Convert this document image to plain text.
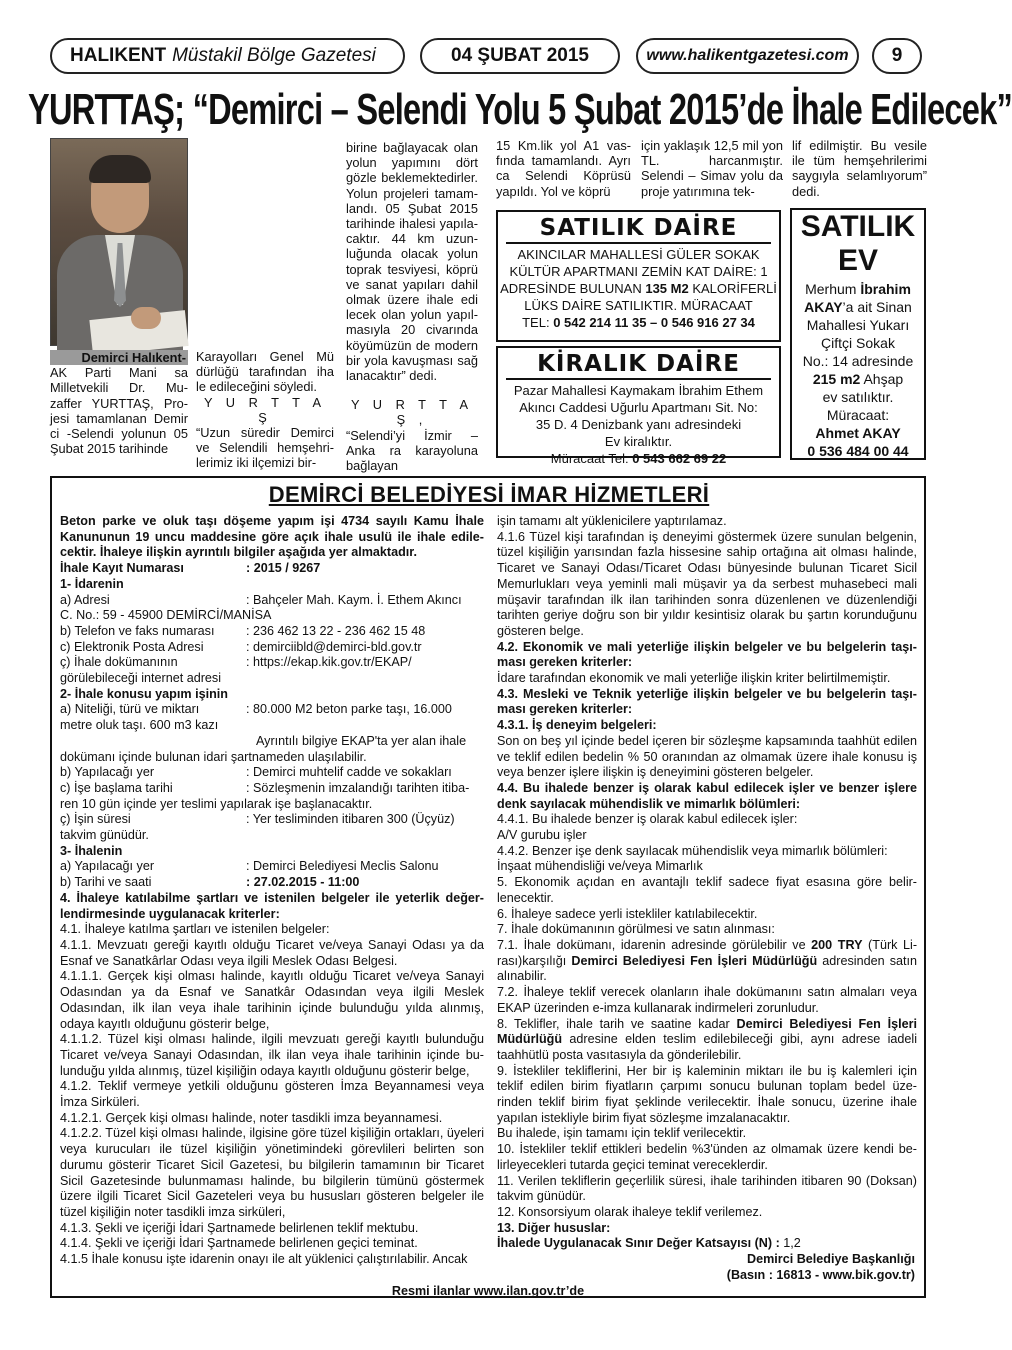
HALIKENT Müstakil Bölge Gazetesi	04 ŞUBAT 2015	www.halikentgazetesi.com	9
YURTTAŞ; “Demirci – Selendi Yolu 5 Şubat 2015’de İhale Edilecek”
Demirci Halıkent-
AK Parti Mani sa Milletvekili Dr. Mu- zaffer YURTTAŞ, Pro- jesi tamamlanan Demir ci -Selendi yolunun 05 Şubat 2015 tarihinde

Karayolları Genel Mü dürlüğü tarafından iha le edileceğini söyledi.

Y U R T T A Ş

“Uzun süredir Demirci ve Selendili hemşehri- lerimiz iki ilçemizi bir-

birine bağlayacak olan yolun yapımını dört gözle beklemektedirler. Yolun projeleri tamam- landı. 05 Şubat 2015 tarihinde ihalesi yapıla- caktır. 44 km uzun- luğunda olacak yolun toprak tesviyesi, köprü ve sanat yapıları dahil olmak üzere ihale edi lecek olan yolun yapıl- masıyla 20 civarında köyümüzün de modern bir yola kavuşması sağ lanacaktır” dedi.

Y U R T T A Ş ,

“Selendi’yi İzmir – Anka ra karayoluna bağlayan

15 Km.lik yol A1 vas- fında tamamlandı. Ayrı ca Selendi Köprüsü yapıldı. Yol ve köprü
için yaklaşık 12,5 mil yon TL. harcanmıştır. Selendi – Simav yolu da proje yatırımına tek-
lif edilmiştir. Bu vesile ile tüm hemşehrilerimi saygıyla selamlıyorum” dedi.
SATILIK DAİRE
AKINCILAR MAHALLESİ GÜLER SOKAK
KÜLTÜR APARTMANI ZEMİN KAT DAİRE: 1
ADRESİNDE BULUNAN 135 M2 KALORİFERLİ
LÜKS DAİRE SATILIKTIR. MÜRACAAT
TEL: 0 542 214 11 35 – 0 546 916 27 34
KİRALIK DAİRE
Pazar Mahallesi Kaymakam İbrahim Ethem
Akıncı Caddesi Uğurlu Apartmanı Sit. No:
35 D. 4 Denizbank yanı adresindeki
Ev kiralıktır.
Müracaat Tel: 0 543 662 69 22
SATILIK
EV
Merhum İbrahim
AKAY’a ait Sinan
Mahallesi Yukarı
Çiftçi Sokak
No.: 14 adresinde
215 m2 Ahşap
ev satılıktır.
Müracaat:
Ahmet AKAY
0 536 484 00 44
DEMİRCİ BELEDİYESİ İMAR HİZMETLERİ

Beton parke ve oluk taşı döşeme yapım işi 4734 sayılı Kamu İhale Kanununun 19 uncu maddesine göre açık ihale usulü ile ihale edile- cektir. İhaleye ilişkin ayrıntılı bilgiler aşağıda yer almaktadır.

İhale Kayıt Numarası	: 2015 / 9267

1- İdarenin

a) Adresi	: Bahçeler Mah. Kaym. İ. Ethem Akıncı

C. No.: 59 - 45900 DEMİRCİ/MANİSA

b) Telefon ve faks numarası	: 236 462 13 22 - 236 462 15 48
c) Elektronik Posta Adresi	: demirciibld@demirci-bld.gov.tr
ç) İhale dokümanının	: https://ekap.kik.gov.tr/EKAP/

görülebileceği internet adresi

2- İhale konusu yapım işinin

a) Niteliği, türü ve miktarı	: 80.000 M2 beton parke taşı, 16.000

metre oluk taşı. 600 m3 kazı

Ayrıntılı bilgiye EKAP'ta yer alan ihale

dokümanı içinde bulunan idari şartnameden ulaşılabilir.

b) Yapılacağı yer	: Demirci muhtelif cadde ve sokakları
c) İşe başlama tarihi	: Sözleşmenin imzalandığı tarihten itiba-

ren 10 gün içinde yer teslimi yapılarak işe başlanacaktır.

ç) İşin süresi	: Yer tesliminden itibaren 300 (Üçyüz)

takvim günüdür.

3- İhalenin

a) Yapılacağı yer	: Demirci Belediyesi Meclis Salonu
b) Tarihi ve saati	: 27.02.2015 - 11:00

4. İhaleye katılabilme şartları ve istenilen belgeler ile yeterlik değer- lendirmesinde uygulanacak kriterler:

4.1. İhaleye katılma şartları ve istenilen belgeler:

4.1.1. Mevzuatı gereği kayıtlı olduğu Ticaret ve/veya Sanayi Odası ya da Esnaf ve Sanatkârlar Odası veya ilgili Meslek Odası Belgesi.

4.1.1.1. Gerçek kişi olması halinde, kayıtlı olduğu Ticaret ve/veya Sanayi Odasından ya da Esnaf ve Sanatkâr Odasından veya ilgili Meslek Odasından, ilk ilan veya ihale tarihinin içinde bulunduğu yılda alınmış, odaya kayıtlı olduğunu gösterir belge,

4.1.1.2. Tüzel kişi olması halinde, ilgili mevzuatı gereği kayıtlı bulunduğu Ticaret ve/veya Sanayi Odasından, ilk ilan veya ihale tarihinin içinde bu- lunduğu yılda alınmış, tüzel kişiliğin odaya kayıtlı olduğunu gösterir belge,

4.1.2. Teklif vermeye yetkili olduğunu gösteren İmza Beyannamesi veya İmza Sirküleri.

4.1.2.1. Gerçek kişi olması halinde, noter tasdikli imza beyannamesi.

4.1.2.2. Tüzel kişi olması halinde, ilgisine göre tüzel kişiliğin ortakları, üyeleri veya kurucuları ile tüzel kişiliğin yönetimindeki görevlileri belirten son durumu gösterir Ticaret Sicil Gazetesi, bu bilgilerin tamamının bir Ticaret Sicil Gazetesinde bulunmaması halinde, bu bilgilerin tümünü göstermek üzere ilgili Ticaret Sicil Gazeteleri veya bu hususları gösteren belgeler ile tüzel kişiliğin noter tasdikli imza sirküleri,

4.1.3. Şekli ve içeriği İdari Şartnamede belirlenen teklif mektubu.

4.1.4. Şekli ve içeriği İdari Şartnamede belirlenen geçici teminat.

4.1.5 İhale konusu işte idarenin onayı ile alt yüklenici çalıştırılabilir. Ancak

işin tamamı alt yüklenicilere yaptırılamaz.

4.1.6 Tüzel kişi tarafından iş deneyimi göstermek üzere sunulan belgenin, tüzel kişiliğin yarısından fazla hissesine sahip ortağına ait olması halinde, Ticaret ve Sanayi Odası/Ticaret Odası bünyesinde bulunan Ticaret Sicil Memurlukları veya yeminli mali müşavir ya da serbest muhasebeci mali müşavir tarafından ilk ilan tarihinden sonra düzenlenen ve düzenlendiği tarihten geriye doğru son bir yıldır kesintisiz olarak bu şartın korunduğunu gösteren belge.

4.2. Ekonomik ve mali yeterliğe ilişkin belgeler ve bu belgelerin taşı- ması gereken kriterler:

İdare tarafından ekonomik ve mali yeterliğe ilişkin kriter belirtilmemiştir.

4.3. Mesleki ve Teknik yeterliğe ilişkin belgeler ve bu belgelerin taşı- ması gereken kriterler:

4.3.1. İş deneyim belgeleri:

Son on beş yıl içinde bedel içeren bir sözleşme kapsamında taahhüt edilen ve teklif edilen bedelin % 50 oranından az olmamak üzere ihale konusu iş veya benzer işlere ilişkin iş deneyimini gösteren belgeler.

4.4. Bu ihalede benzer iş olarak kabul edilecek işler ve benzer işlere denk sayılacak mühendislik ve mimarlık bölümleri:

4.4.1. Bu ihalede benzer iş olarak kabul edilecek işler:

A/V gurubu işler

4.4.2. Benzer işe denk sayılacak mühendislik veya mimarlık bölümleri:

İnşaat mühendisliği ve/veya Mimarlık

5. Ekonomik açıdan en avantajlı teklif sadece fiyat esasına göre belir- lenecektir.

6. İhaleye sadece yerli istekliler katılabilecektir.

7. İhale dokümanının görülmesi ve satın alınması:

7.1. İhale dokümanı, idarenin adresinde görülebilir ve 200 TRY (Türk Li- rası)karşılığı Demirci Belediyesi Fen İşleri Müdürlüğü adresinden satın alınabilir.

7.2. İhaleye teklif verecek olanların ihale dokümanını satın almaları veya EKAP üzerinden e-imza kullanarak indirmeleri zorunludur.

8. Teklifler, ihale tarih ve saatine kadar Demirci Belediyesi Fen İşleri Müdürlüğü adresine elden teslim edilebileceği gibi, aynı adrese iadeli taahhütlü posta vasıtasıyla da gönderilebilir.

9. İstekliler tekliflerini, Her bir iş kaleminin miktarı ile bu iş kalemleri için teklif edilen birim fiyatların çarpımı sonucu bulunan toplam bedel üze- rinden teklif birim fiyat şeklinde verilecektir. İhale sonucu, üzerine ihale yapılan istekliyle birim fiyat sözleşme imzalanacaktır.

Bu ihalede, işin tamamı için teklif verilecektir.

10. İstekliler teklif ettikleri bedelin %3'ünden az olmamak üzere kendi be- lirleyecekleri tutarda geçici teminat vereceklerdir.

11. Verilen tekliflerin geçerlilik süresi, ihale tarihinden itibaren 90 (Doksan) takvim günüdür.

12. Konsorsiyum olarak ihaleye teklif verilemez.

13. Diğer hususlar:

İhalede Uygulanacak Sınır Değer Katsayısı (N) : 1,2

Demirci Belediye Başkanlığı
(Basın : 16813 - www.bik.gov.tr)
Resmi ilanlar www.ilan.gov.tr’de
